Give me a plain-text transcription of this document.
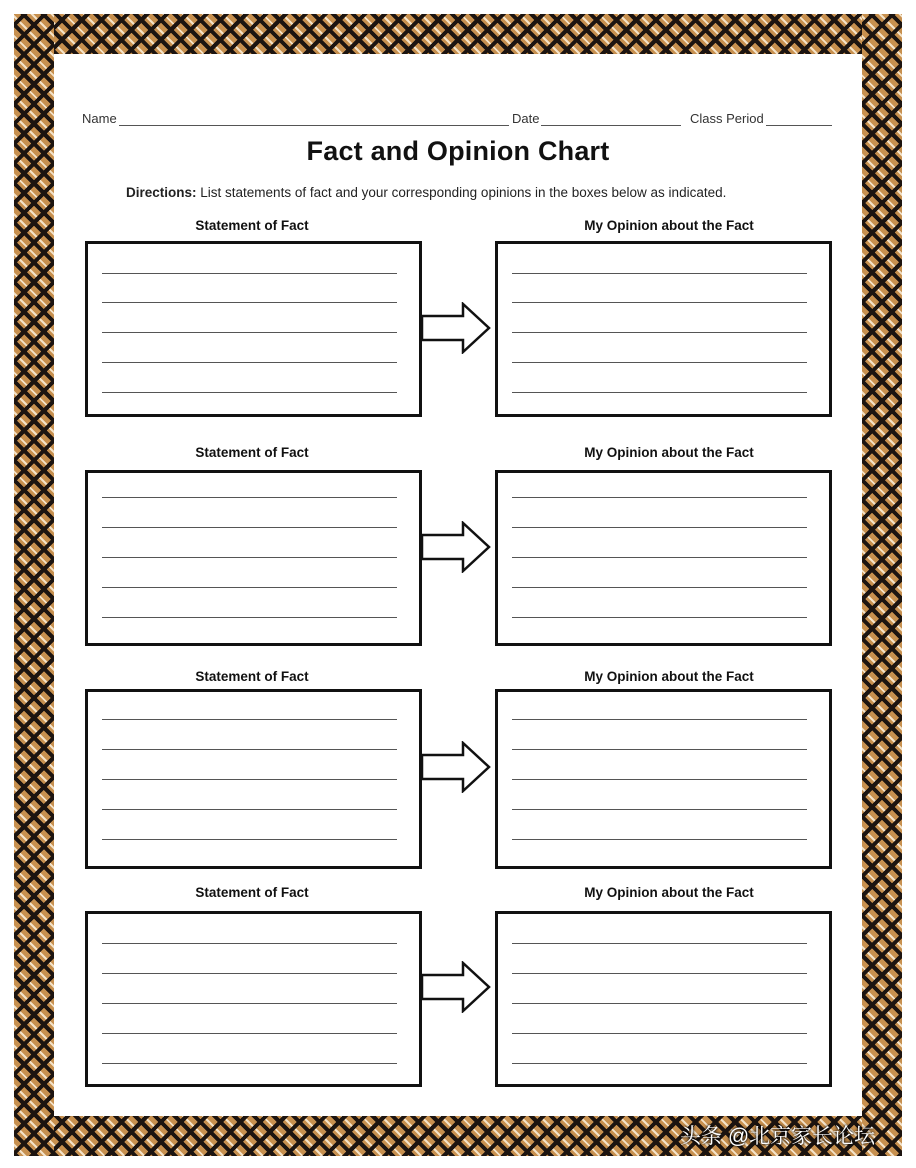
Name	Date	Class Period
Fact and Opinion Chart
Directions: List statements of fact and your corresponding opinions in the boxes below as indicated.
Statement of Fact	My Opinion about the Fact
Statement of Fact	My Opinion about the Fact
Statement of Fact	My Opinion about the Fact
Statement of Fact	My Opinion about the Fact
头条 @北京家长论坛
